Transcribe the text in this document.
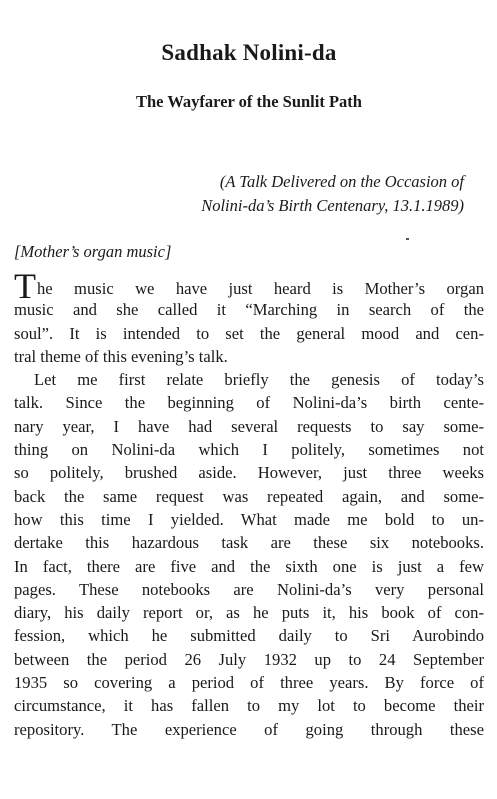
Sadhak Nolini-da
The Wayfarer of the Sunlit Path
(A Talk Delivered on the Occasion of
Nolini-da’s Birth Centenary, 13.1.1989)
[Mother’s organ music]
The music we have just heard is Mother’s organ
music and she called it “Marching in search of the
soul”. It is intended to set the general mood and cen-
tral theme of this evening’s talk.
Let me first relate briefly the genesis of today’s
talk. Since the beginning of Nolini-da’s birth cente-
nary year, I have had several requests to say some-
thing on Nolini-da which I politely, sometimes not
so politely, brushed aside. However, just three weeks
back the same request was repeated again, and some-
how this time I yielded. What made me bold to un-
dertake this hazardous task are these six notebooks.
In fact, there are five and the sixth one is just a few
pages. These notebooks are Nolini-da’s very personal
diary, his daily report or, as he puts it, his book of con-
fession, which he submitted daily to Sri Aurobindo
between the period 26 July 1932 up to 24 September
1935 so covering a period of three years. By force of
circumstance, it has fallen to my lot to become their
repository. The experience of going through these
